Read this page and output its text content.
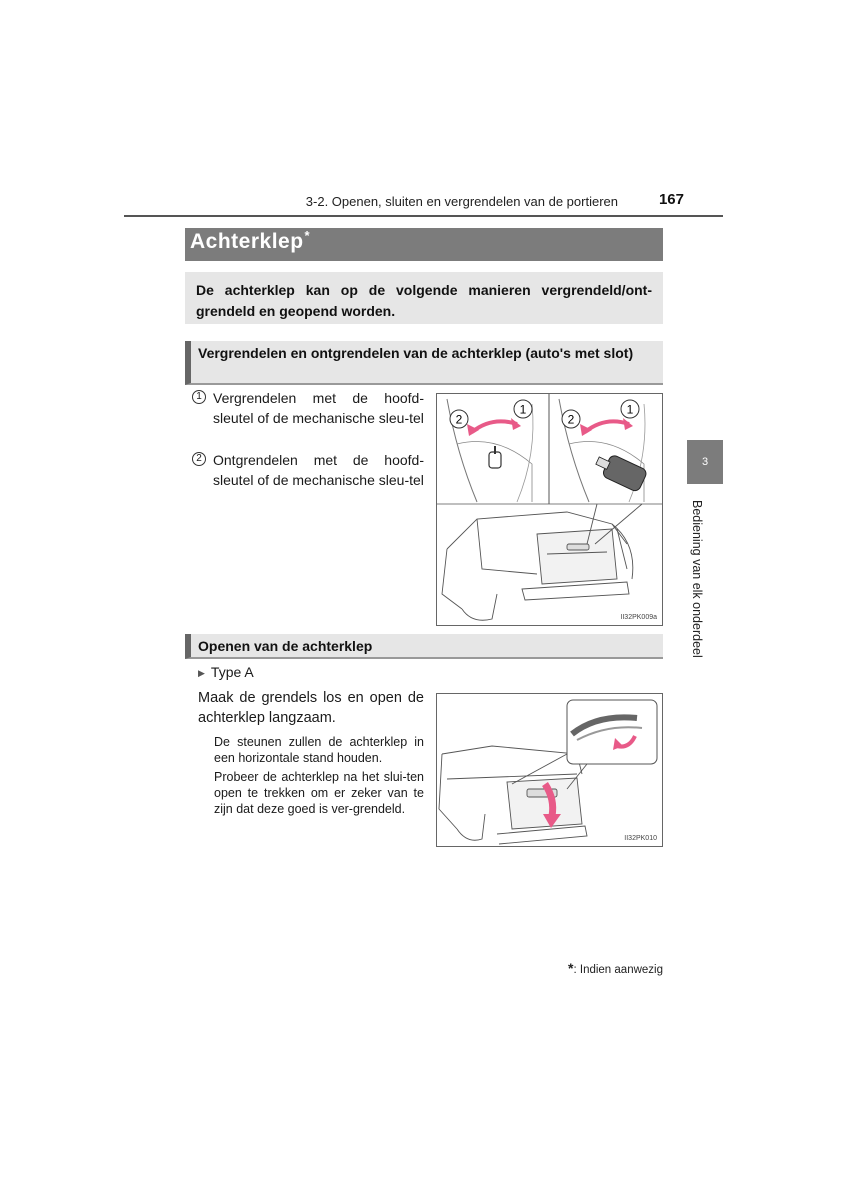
3-2. Openen, sluiten en vergrendelen van de portieren	167
Achterklep*
De achterklep kan op de volgende manieren vergrendeld/ont-grendeld en geopend worden.
Vergrendelen en ontgrendelen van de achterklep (auto's met slot)
1 Vergrendelen met de hoofd-sleutel of de mechanische sleu-tel
2 Ontgrendelen met de hoofd-sleutel of de mechanische sleu-tel
2
1
2
1
II32PK009a
Openen van de achterklep
▶ Type A
Maak de grendels los en open de achterklep langzaam.
De steunen zullen de achterklep in een horizontale stand houden.
Probeer de achterklep na het slui-ten open te trekken om er zeker van te zijn dat deze goed is ver-grendeld.
II32PK010
*: Indien aanwezig
3
Bediening van elk onderdeel
